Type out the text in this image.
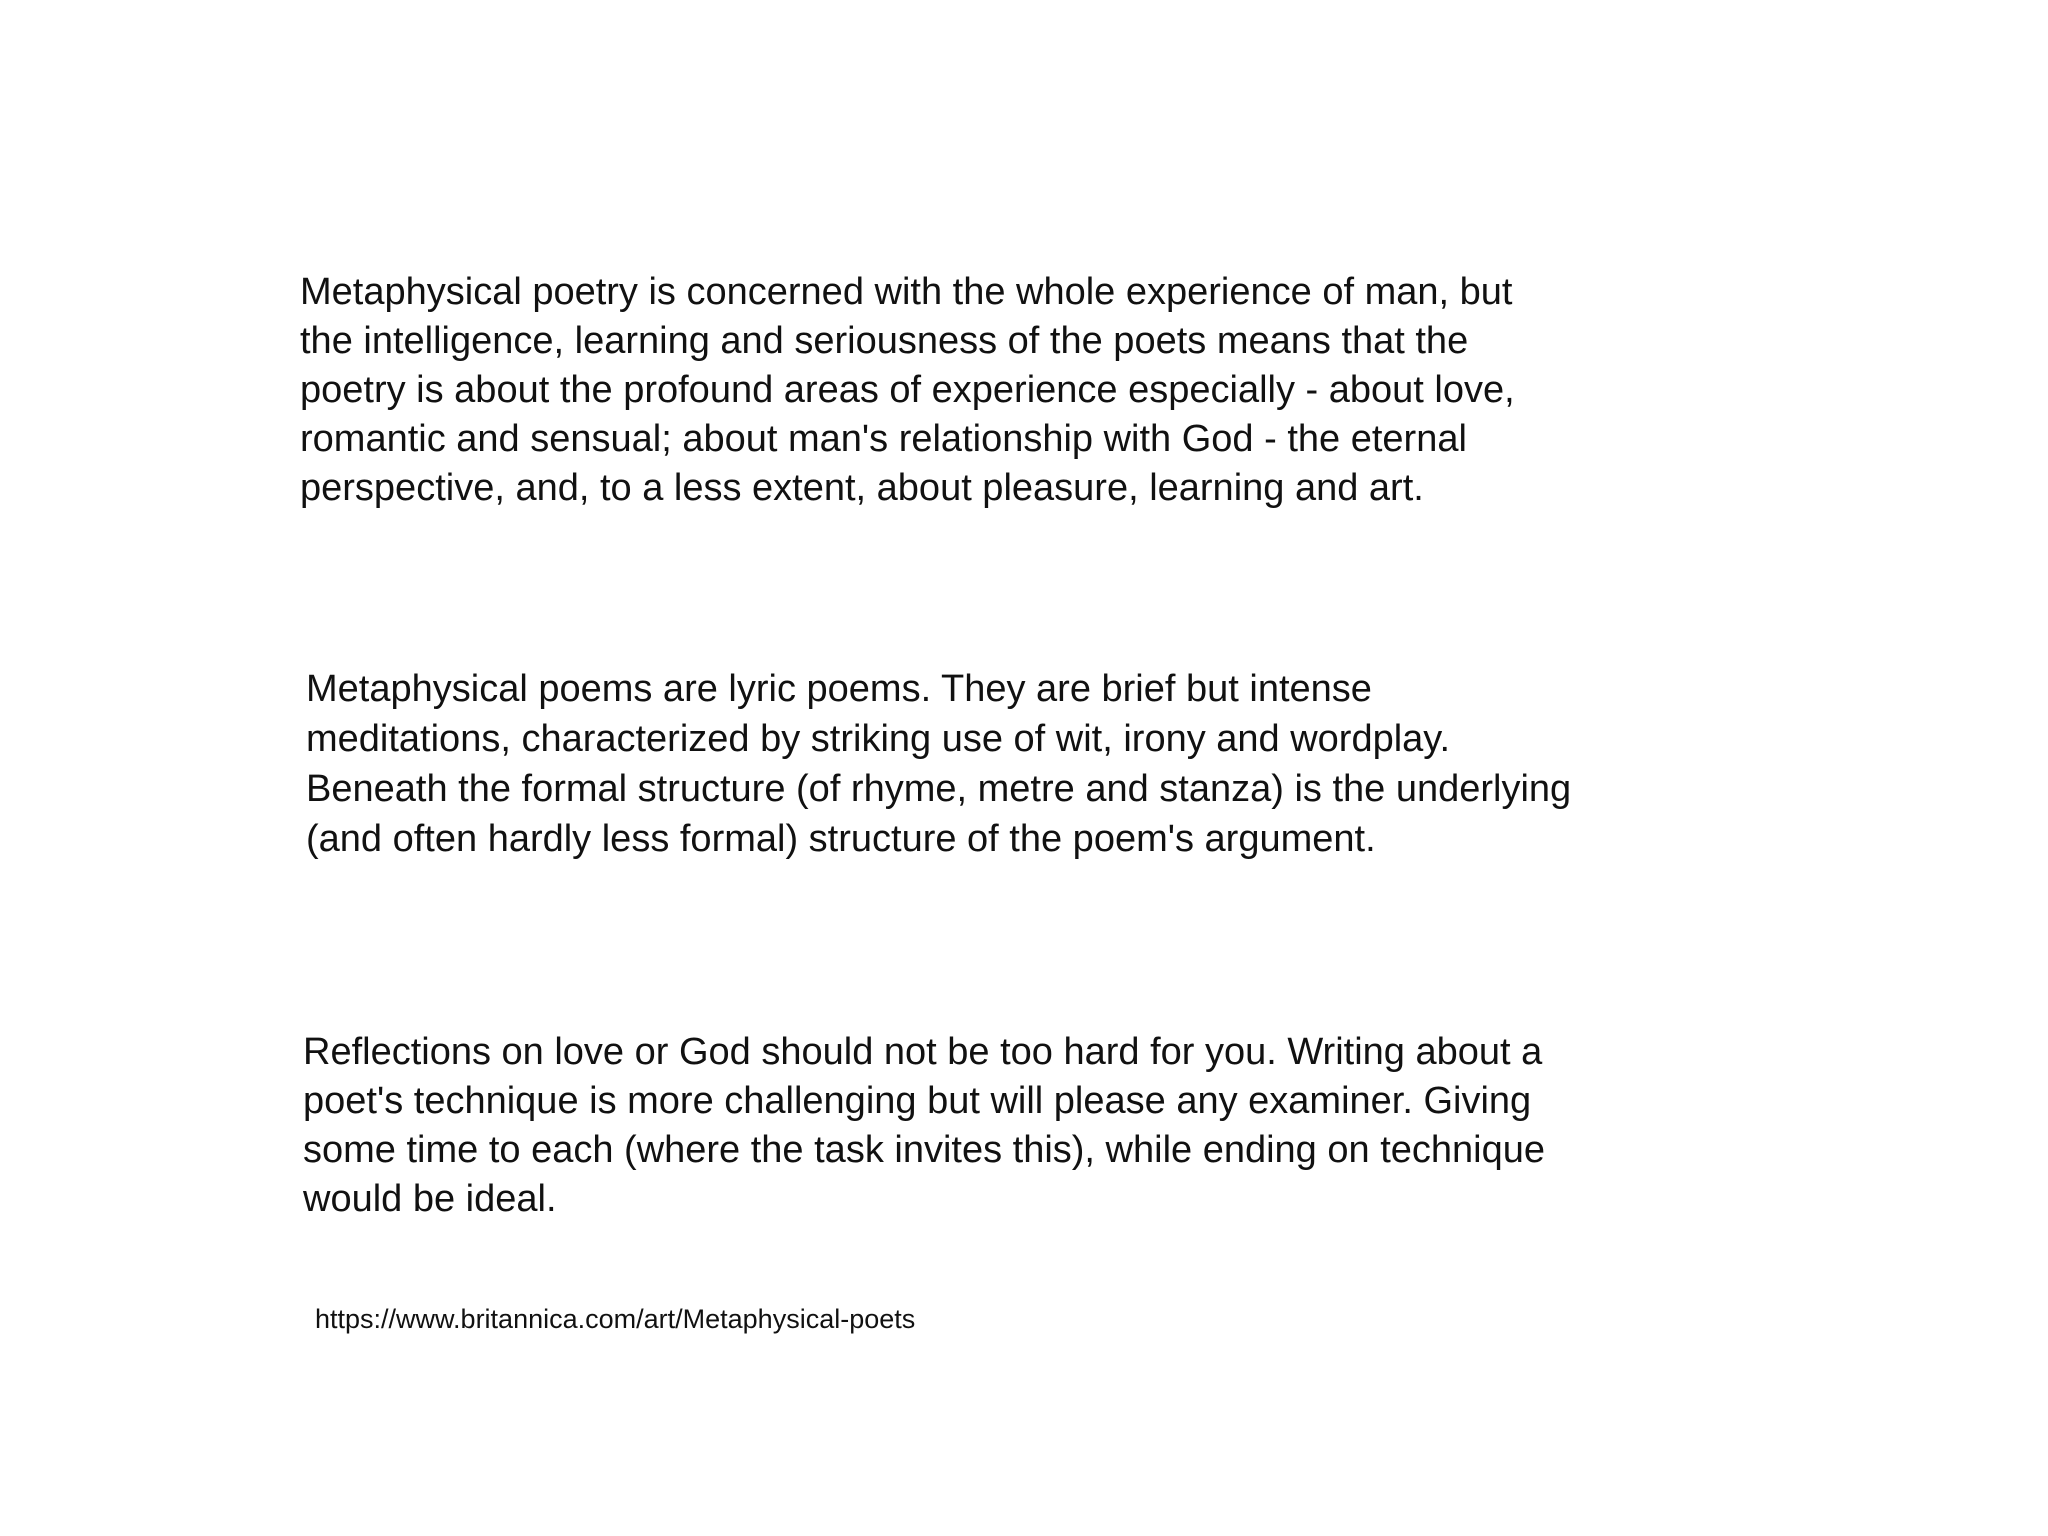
Metaphysical poetry is concerned with the whole experience of man, but
the intelligence, learning and seriousness of the poets means that the
poetry is about the profound areas of experience especially - about love,
romantic and sensual; about man's relationship with God - the eternal
perspective, and, to a less extent, about pleasure, learning and art.

Metaphysical poems are lyric poems. They are brief but intense
meditations, characterized by striking use of wit, irony and wordplay.
Beneath the formal structure (of rhyme, metre and stanza) is the underlying
(and often hardly less formal) structure of the poem's argument.

Reflections on love or God should not be too hard for you. Writing about a
poet's technique is more challenging but will please any examiner. Giving
some time to each (where the task invites this), while ending on technique
would be ideal.

https://www.britannica.com/art/Metaphysical-poets
